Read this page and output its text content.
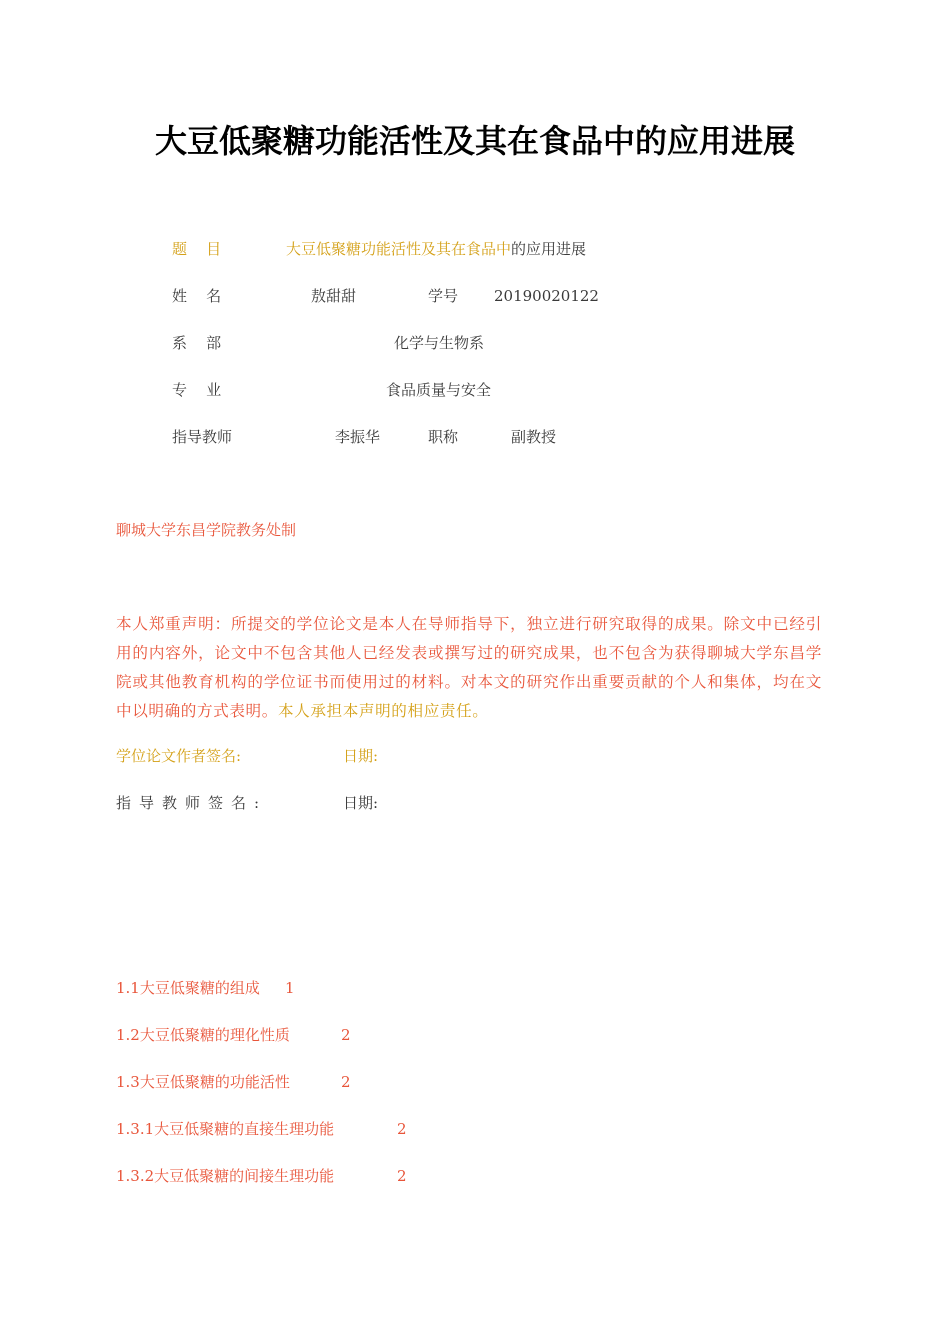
大豆低聚糖功能活性及其在食品中的应用进展
题    目	大豆低聚糖功能活性及其在食品中的应用进展
姓    名	敖甜甜	学号 20190020122
系    部	化学与生物系
专    业	食品质量与安全
指导教师	李振华	职称	副教授
聊城大学东昌学院教务处制
本人郑重声明：所提交的学位论文是本人在导师指导下，独立进行研究取得的成果。除文中已经引用的内容外，论文中不包含其他人已经发表或撰写过的研究成果，也不包含为获得聊城大学东昌学院或其他教育机构的学位证书而使用过的材料。对本文的研究作出重要贡献的个人和集体，均在文中以明确的方式表明。本人承担本声明的相应责任。
学位论文作者签名:	日期:
指导教师签名:	日期:
1.1大豆低聚糖的组成 1
1.2大豆低聚糖的理化性质	2
1.3大豆低聚糖的功能活性	2
1.3.1大豆低聚糖的直接生理功能	2
1.3.2大豆低聚糖的间接生理功能	2
